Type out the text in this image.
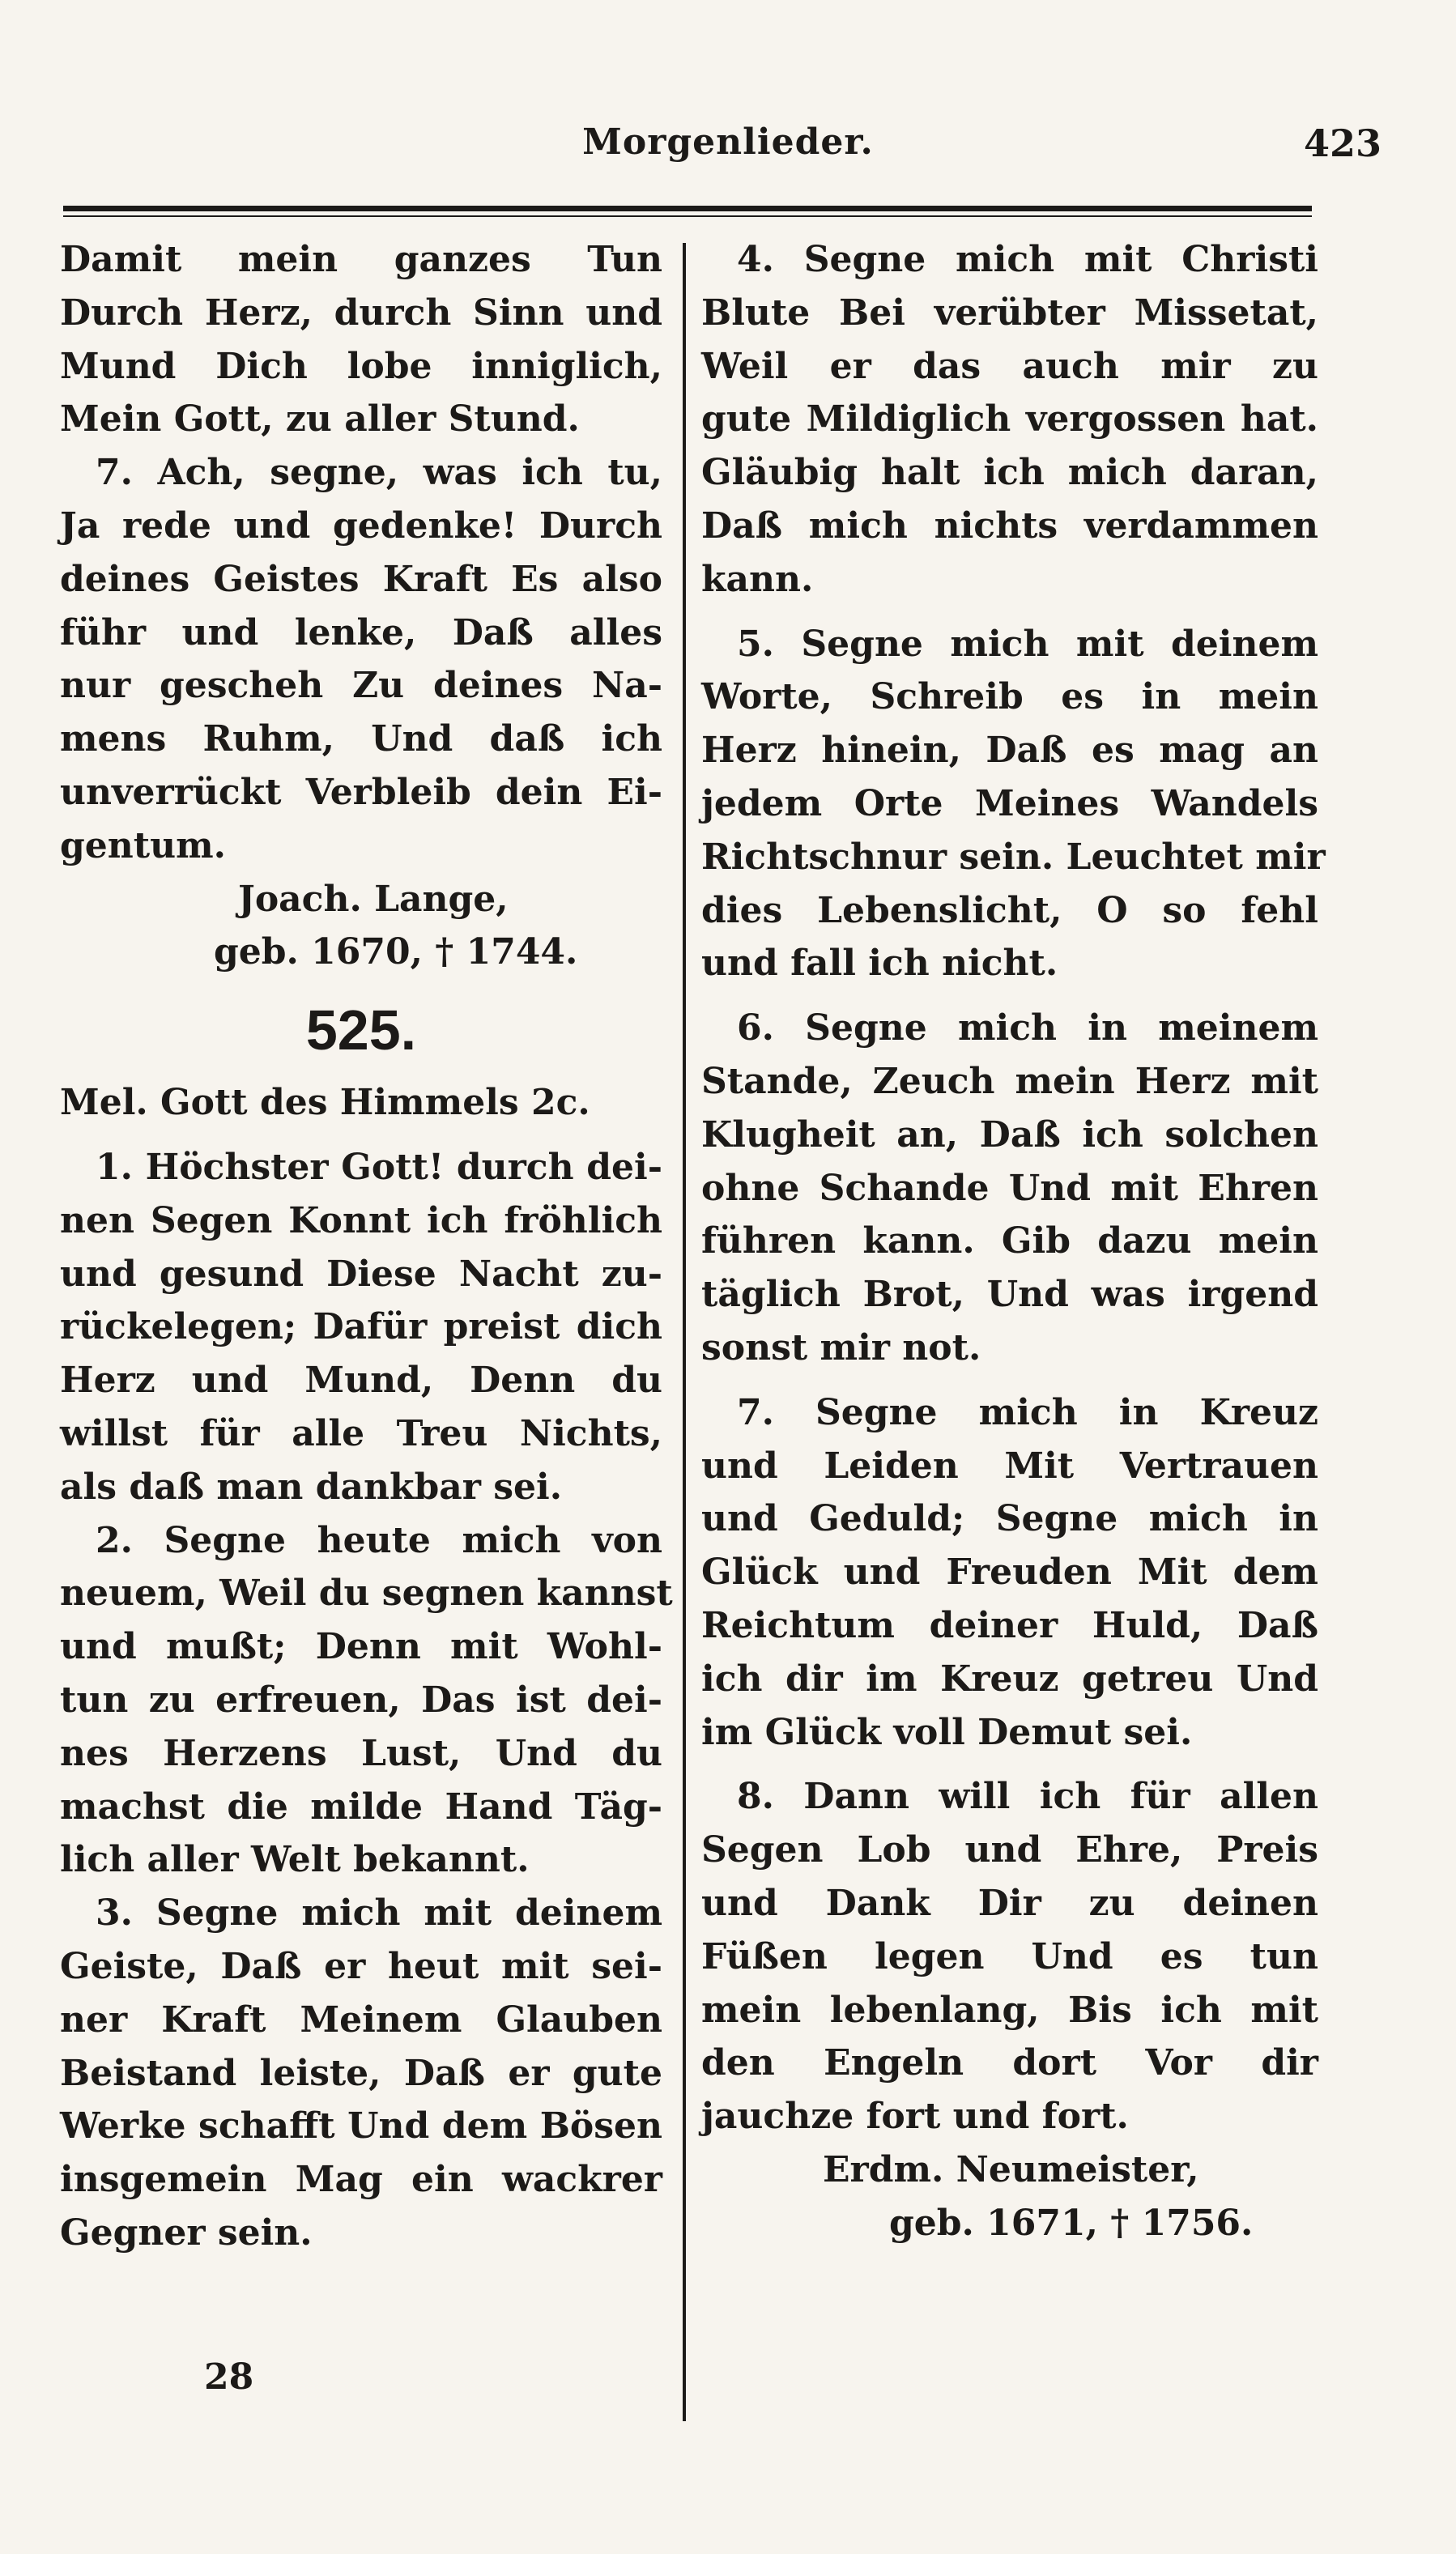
Morgenlieder.	423
Damit mein ganzes Tun
Durch Herz, durch Sinn und
Mund Dich lobe inniglich,
Mein Gott, zu aller Stund.
7. Ach, segne, was ich tu,
Ja rede und gedenke! Durch
deines Geistes Kraft Es also
führ und lenke, Daß alles
nur gescheh Zu deines Na-
mens Ruhm, Und daß ich
unverrückt Verbleib dein Ei-
gentum.
Joach. Lange,
geb. 1670, † 1744.
525.
Mel. Gott des Himmels 2c.
1. Höchster Gott! durch dei-
nen Segen Konnt ich fröhlich
und gesund Diese Nacht zu-
rückelegen; Dafür preist dich
Herz und Mund, Denn du
willst für alle Treu Nichts,
als daß man dankbar sei.
2. Segne heute mich von
neuem, Weil du segnen kannst
und mußt; Denn mit Wohl-
tun zu erfreuen, Das ist dei-
nes Herzens Lust, Und du
machst die milde Hand Täg-
lich aller Welt bekannt.
3. Segne mich mit deinem
Geiste, Daß er heut mit sei-
ner Kraft Meinem Glauben
Beistand leiste, Daß er gute
Werke schafft Und dem Bösen
insgemein Mag ein wackrer
Gegner sein.
28
4. Segne mich mit Christi
Blute Bei verübter Missetat,
Weil er das auch mir zu
gute Mildiglich vergossen hat.
Gläubig halt ich mich daran,
Daß mich nichts verdammen
kann.
5. Segne mich mit deinem
Worte, Schreib es in mein
Herz hinein, Daß es mag an
jedem Orte Meines Wandels
Richtschnur sein. Leuchtet mir
dies Lebenslicht, O so fehl
und fall ich nicht.
6. Segne mich in meinem
Stande, Zeuch mein Herz mit
Klugheit an, Daß ich solchen
ohne Schande Und mit Ehren
führen kann. Gib dazu mein
täglich Brot, Und was irgend
sonst mir not.
7. Segne mich in Kreuz
und Leiden Mit Vertrauen
und Geduld; Segne mich in
Glück und Freuden Mit dem
Reichtum deiner Huld, Daß
ich dir im Kreuz getreu Und
im Glück voll Demut sei.
8. Dann will ich für allen
Segen Lob und Ehre, Preis
und Dank Dir zu deinen
Füßen legen Und es tun
mein lebenlang, Bis ich mit
den Engeln dort Vor dir
jauchze fort und fort.
Erdm. Neumeister,
geb. 1671, † 1756.
